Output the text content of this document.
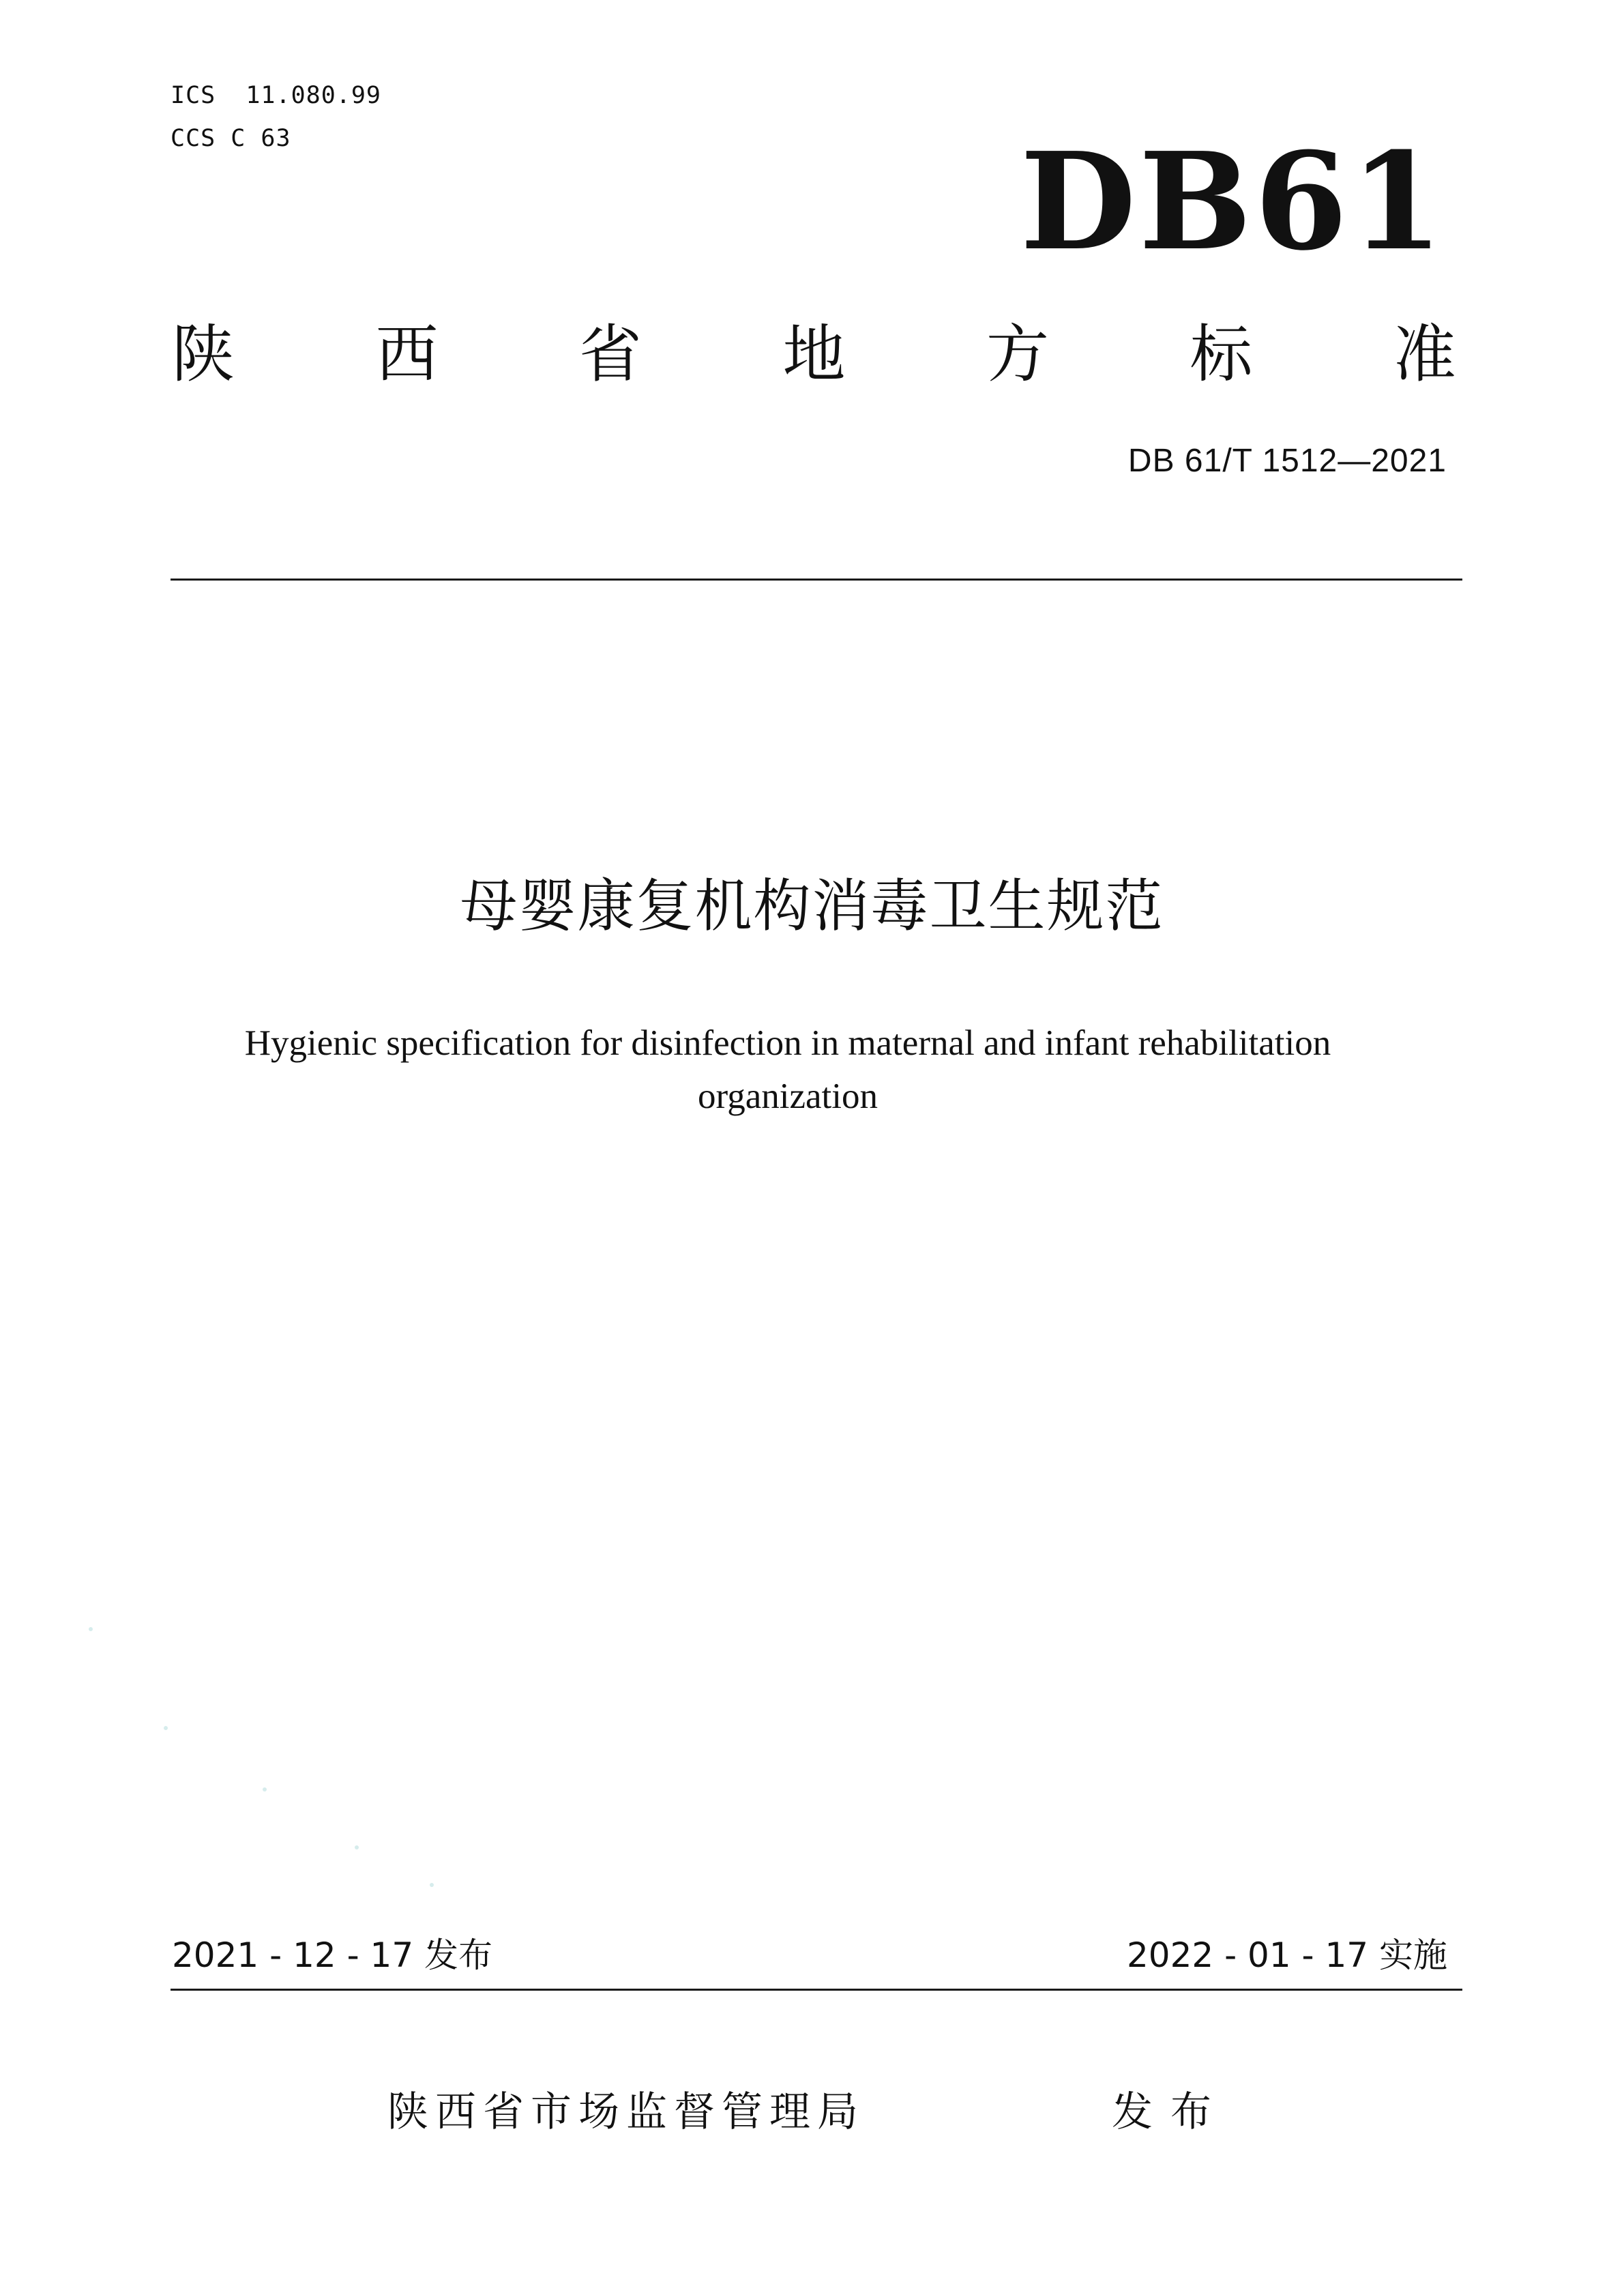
ICS  11.080.99
CCS C 63	DB61
陕 西 省 地 方 标 准
DB 61/T 1512—2021
母婴康复机构消毒卫生规范
Hygienic specification for disinfection in maternal and infant rehabilitation
organization
2021 - 12 - 17 发布	2022 - 01 - 17 实施
陕西省市场监督管理局	发布
